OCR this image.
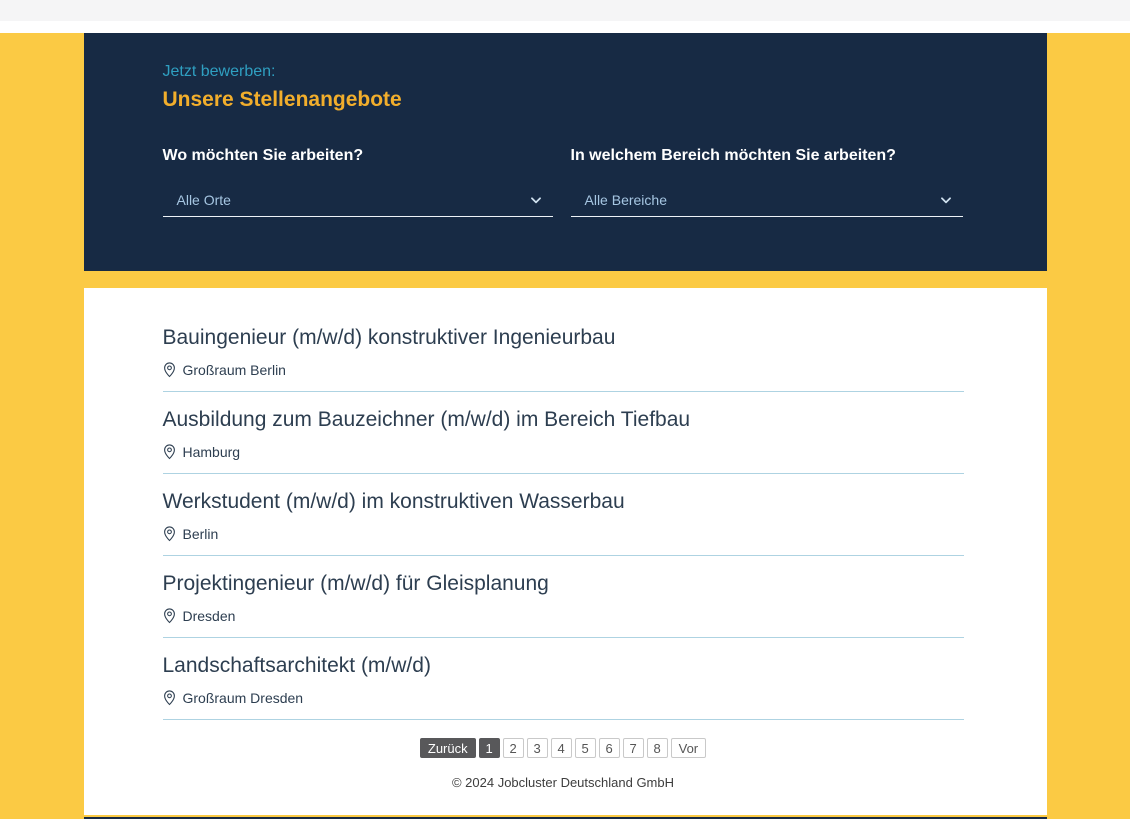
Jetzt bewerben:
Unsere Stellenangebote
Wo möchten Sie arbeiten?
Alle Orte
In welchem Bereich möchten Sie arbeiten?
Alle Bereiche
Bauingenieur (m/w/d) konstruktiver Ingenieurbau
Großraum Berlin
Ausbildung zum Bauzeichner (m/w/d) im Bereich Tiefbau
Hamburg
Werkstudent (m/w/d) im konstruktiven Wasserbau
Berlin
Projektingenieur (m/w/d) für Gleisplanung
Dresden
Landschaftsarchitekt (m/w/d)
Großraum Dresden
Zurück	1	2	3	4	5	6	7	8	Vor
© 2024 Jobcluster Deutschland GmbH
